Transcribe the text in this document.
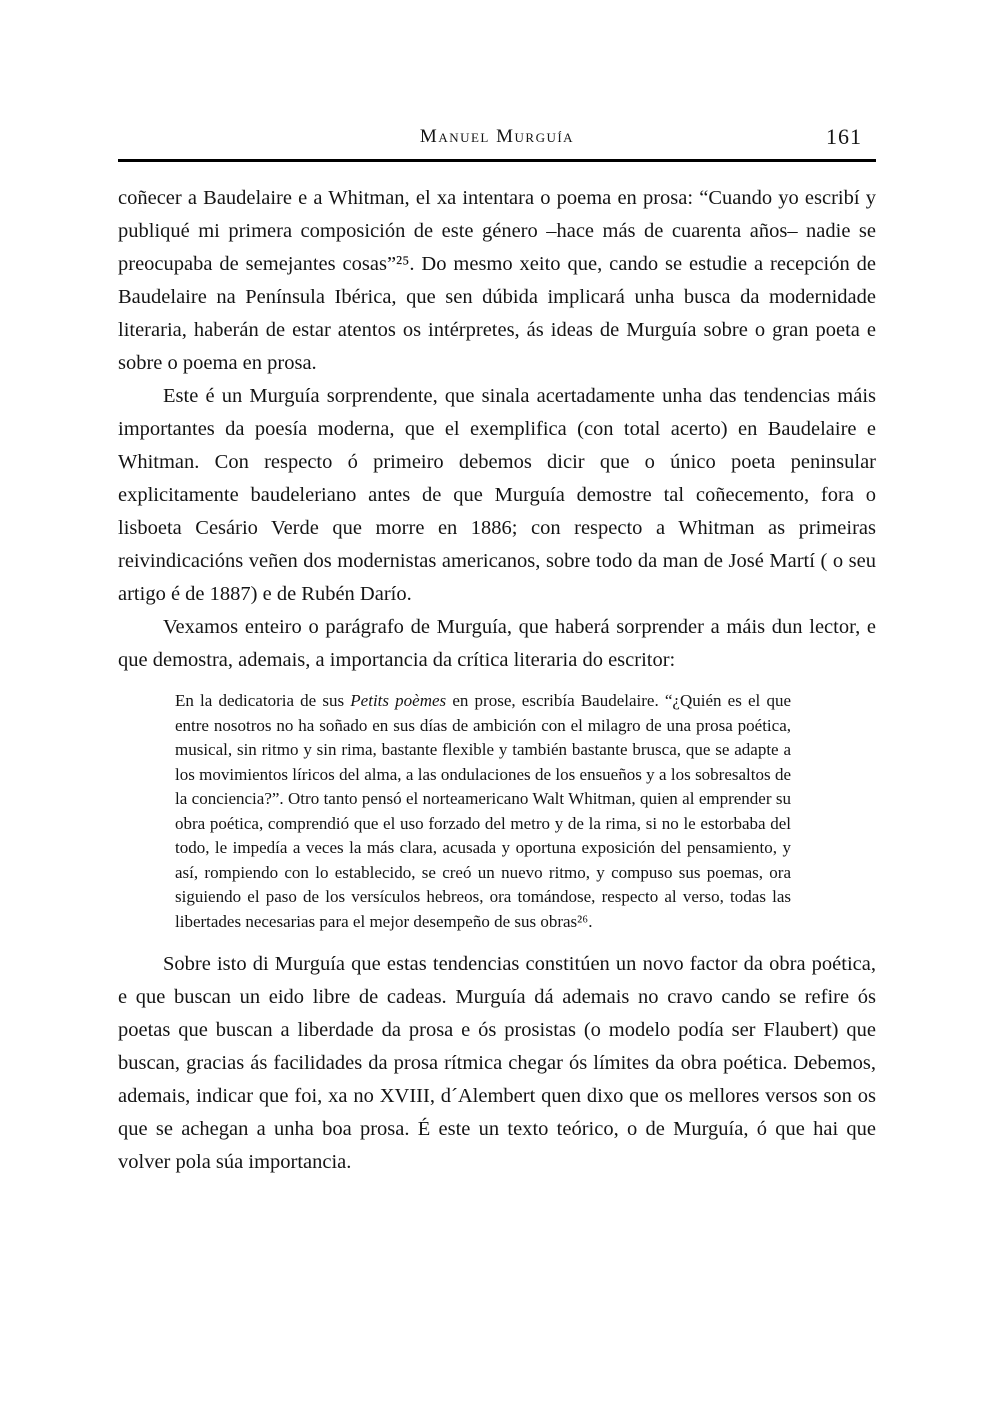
Manuel Murguía	161

coñecer a Baudelaire e a Whitman, el xa intentara o poema en prosa: “Cuando yo escribí y publiqué mi primera composición de este género –hace más de cuarenta años– nadie se preocupaba de semejantes cosas”²⁵. Do mesmo xeito que, cando se estudie a recepción de Baudelaire na Península Ibérica, que sen dúbida implicará unha busca da modernidade literaria, haberán de estar atentos os intérpretes, ás ideas de Murguía sobre o gran poeta e sobre o poema en prosa.

Este é un Murguía sorprendente, que sinala acertadamente unha das tendencias máis importantes da poesía moderna, que el exemplifica (con total acerto) en Baudelaire e Whitman. Con respecto ó primeiro debemos dicir que o único poeta peninsular explicitamente baudeleriano antes de que Murguía demostre tal coñecemento, fora o lisboeta Cesário Verde que morre en 1886; con respecto a Whitman as primeiras reivindicacións veñen dos modernistas americanos, sobre todo da man de José Martí ( o seu artigo é de 1887) e de Rubén Darío.

Vexamos enteiro o parágrafo de Murguía, que haberá sorprender a máis dun lector, e que demostra, ademais, a importancia da crítica literaria do escritor:

En la dedicatoria de sus Petits poèmes en prose, escribía Baudelaire. “¿Quién es el que entre nosotros no ha soñado en sus días de ambición con el milagro de una prosa poética, musical, sin ritmo y sin rima, bastante flexible y también bastante brusca, que se adapte a los movimientos líricos del alma, a las ondulaciones de los ensueños y a los sobresaltos de la conciencia?”. Otro tanto pensó el norteamericano Walt Whitman, quien al emprender su obra poética, comprendió que el uso forzado del metro y de la rima, si no le estorbaba del todo, le impedía a veces la más clara, acusada y oportuna exposición del pensamiento, y así, rompiendo con lo establecido, se creó un nuevo ritmo, y compuso sus poemas, ora siguiendo el paso de los versículos hebreos, ora tomándose, respecto al verso, todas las libertades necesarias para el mejor desempeño de sus obras²⁶.

Sobre isto di Murguía que estas tendencias constitúen un novo factor da obra poética, e que buscan un eido libre de cadeas. Murguía dá ademais no cravo cando se refire ós poetas que buscan a liberdade da prosa e ós prosistas (o modelo podía ser Flaubert) que buscan, gracias ás facilidades da prosa rítmica chegar ós límites da obra poética. Debemos, ademais, indicar que foi, xa no XVIII, d´Alembert quen dixo que os mellores versos son os que se achegan a unha boa prosa. É este un texto teórico, o de Murguía, ó que hai que volver pola súa importancia.
